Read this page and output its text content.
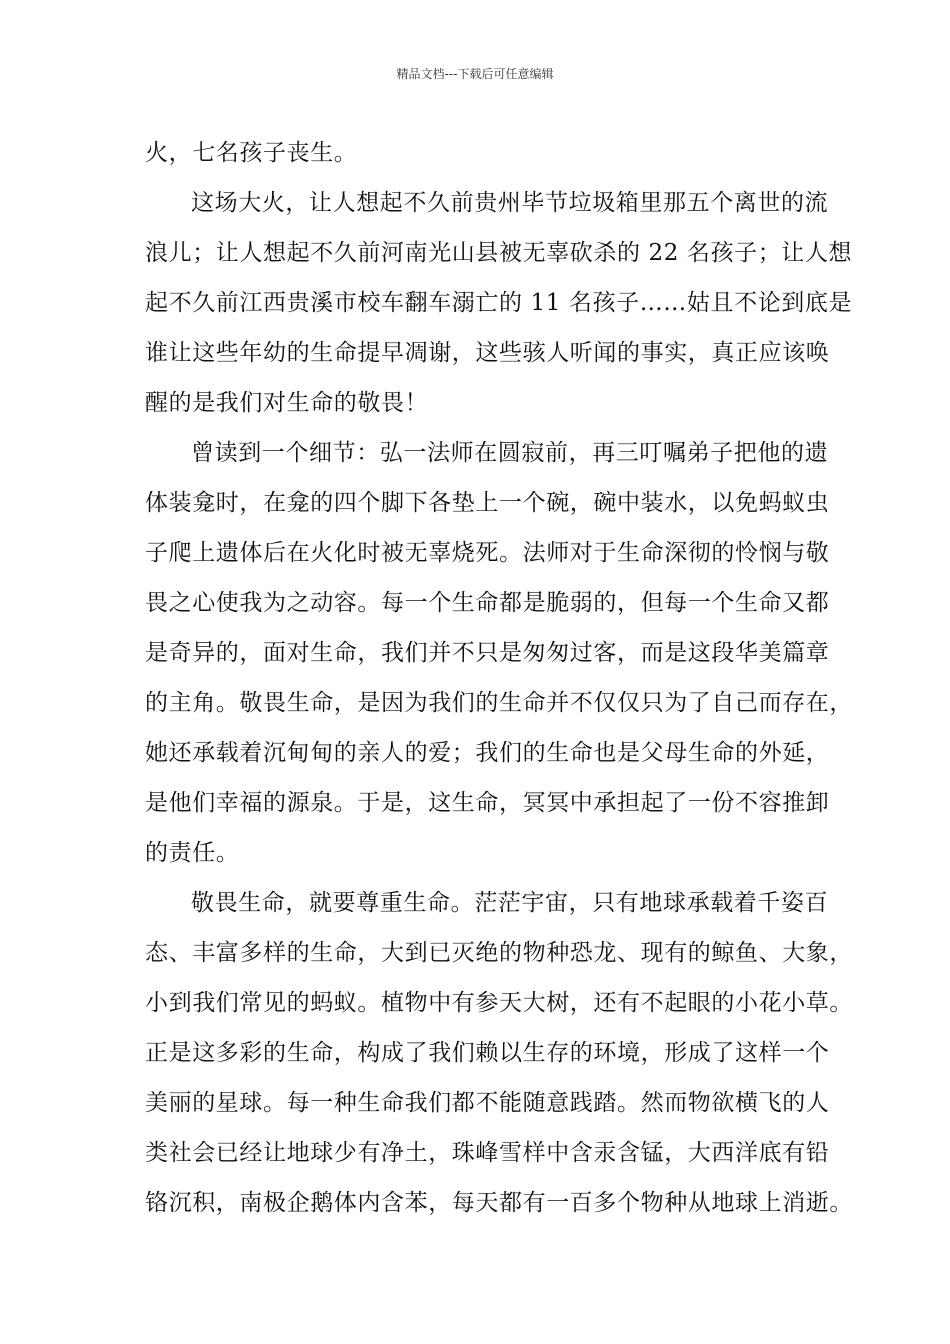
精品文档---下载后可任意编辑
火，七名孩子丧生。
这场大火，让人想起不久前贵州毕节垃圾箱里那五个离世的流
浪儿；让人想起不久前河南光山县被无辜砍杀的 22 名孩子；让人想
起不久前江西贵溪市校车翻车溺亡的 11 名孩子……姑且不论到底是
谁让这些年幼的生命提早凋谢，这些骇人听闻的事实，真正应该唤
醒的是我们对生命的敬畏！
曾读到一个细节：弘一法师在圆寂前，再三叮嘱弟子把他的遗
体装龛时，在龛的四个脚下各垫上一个碗，碗中装水，以免蚂蚁虫
子爬上遗体后在火化时被无辜烧死。法师对于生命深彻的怜悯与敬
畏之心使我为之动容。每一个生命都是脆弱的，但每一个生命又都
是奇异的，面对生命，我们并不只是匆匆过客，而是这段华美篇章
的主角。敬畏生命，是因为我们的生命并不仅仅只为了自己而存在，
她还承载着沉甸甸的亲人的爱；我们的生命也是父母生命的外延，
是他们幸福的源泉。于是，这生命，冥冥中承担起了一份不容推卸
的责任。
敬畏生命，就要尊重生命。茫茫宇宙，只有地球承载着千姿百
态、丰富多样的生命，大到已灭绝的物种恐龙、现有的鲸鱼、大象，
小到我们常见的蚂蚁。植物中有参天大树，还有不起眼的小花小草。
正是这多彩的生命，构成了我们赖以生存的环境，形成了这样一个
美丽的星球。每一种生命我们都不能随意践踏。然而物欲横飞的人
类社会已经让地球少有净土，珠峰雪样中含汞含锰，大西洋底有铅
铬沉积，南极企鹅体内含苯，每天都有一百多个物种从地球上消逝。
